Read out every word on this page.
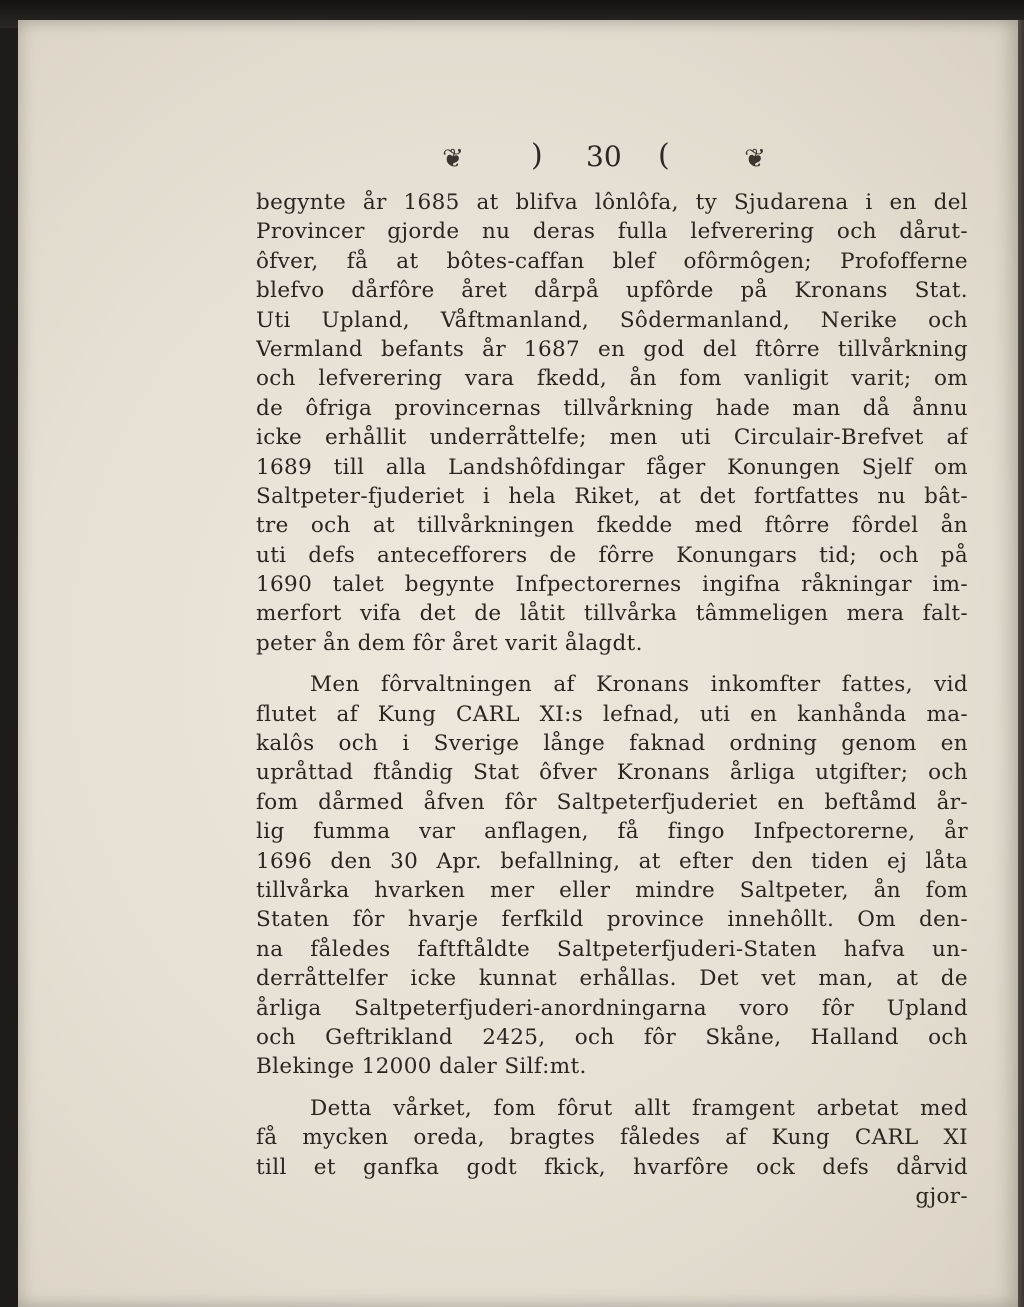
❦ ) 30 (	❦
begynte år 1685 at blifva lônlôfa, ty Sjudarena i en del
Provincer gjorde nu deras fulla lefverering och dårut-
ôfver, få at bôtes-caffan blef ofôrmôgen; Profofferne
blefvo dårfôre året dårpå upfôrde på Kronans Stat.
Uti Upland, Våftmanland, Sôdermanland, Nerike och
Vermland befants år 1687 en god del ftôrre tillvårkning
och lefverering vara fkedd, ån fom vanligit varit; om
de ôfriga provincernas tillvårkning hade man då ånnu
icke erhållit underråttelfe; men uti Circulair-Brefvet af
1689 till alla Landshôfdingar fåger Konungen Sjelf om
Saltpeter-fjuderiet i hela Riket, at det fortfattes nu bât-
tre och at tillvårkningen fkedde med ftôrre fôrdel ån
uti defs antecefforers de fôrre Konungars tid; och på
1690 talet begynte Infpectorernes ingifna råkningar im-
merfort vifa det de låtit tillvårka tâmmeligen mera falt-
peter ån dem fôr året varit ålagdt.
Men fôrvaltningen af Kronans inkomfter fattes, vid
flutet af Kung CARL XI:s lefnad, uti en kanhånda ma-
kalôs och i Sverige långe faknad ordning genom en
upråttad ftåndig Stat ôfver Kronans årliga utgifter; och
fom dårmed åfven fôr Saltpeterfjuderiet en beftåmd år-
lig fumma var anflagen, få fingo Infpectorerne, år
1696 den 30 Apr. befallning, at efter den tiden ej låta
tillvårka hvarken mer eller mindre Saltpeter, ån fom
Staten fôr hvarje ferfkild province innehôllt. Om den-
na fåledes faftftåldte Saltpeterfjuderi-Staten hafva un-
derråttelfer icke kunnat erhållas. Det vet man, at de
årliga Saltpeterfjuderi-anordningarna voro fôr Upland
och Geftrikland 2425, och fôr Skåne, Halland och
Blekinge 12000 daler Silf:mt.
Detta vårket, fom fôrut allt framgent arbetat med
få mycken oreda, bragtes fåledes af Kung CARL XI
till et ganfka godt fkick, hvarfôre ock defs dårvid
gjor-
